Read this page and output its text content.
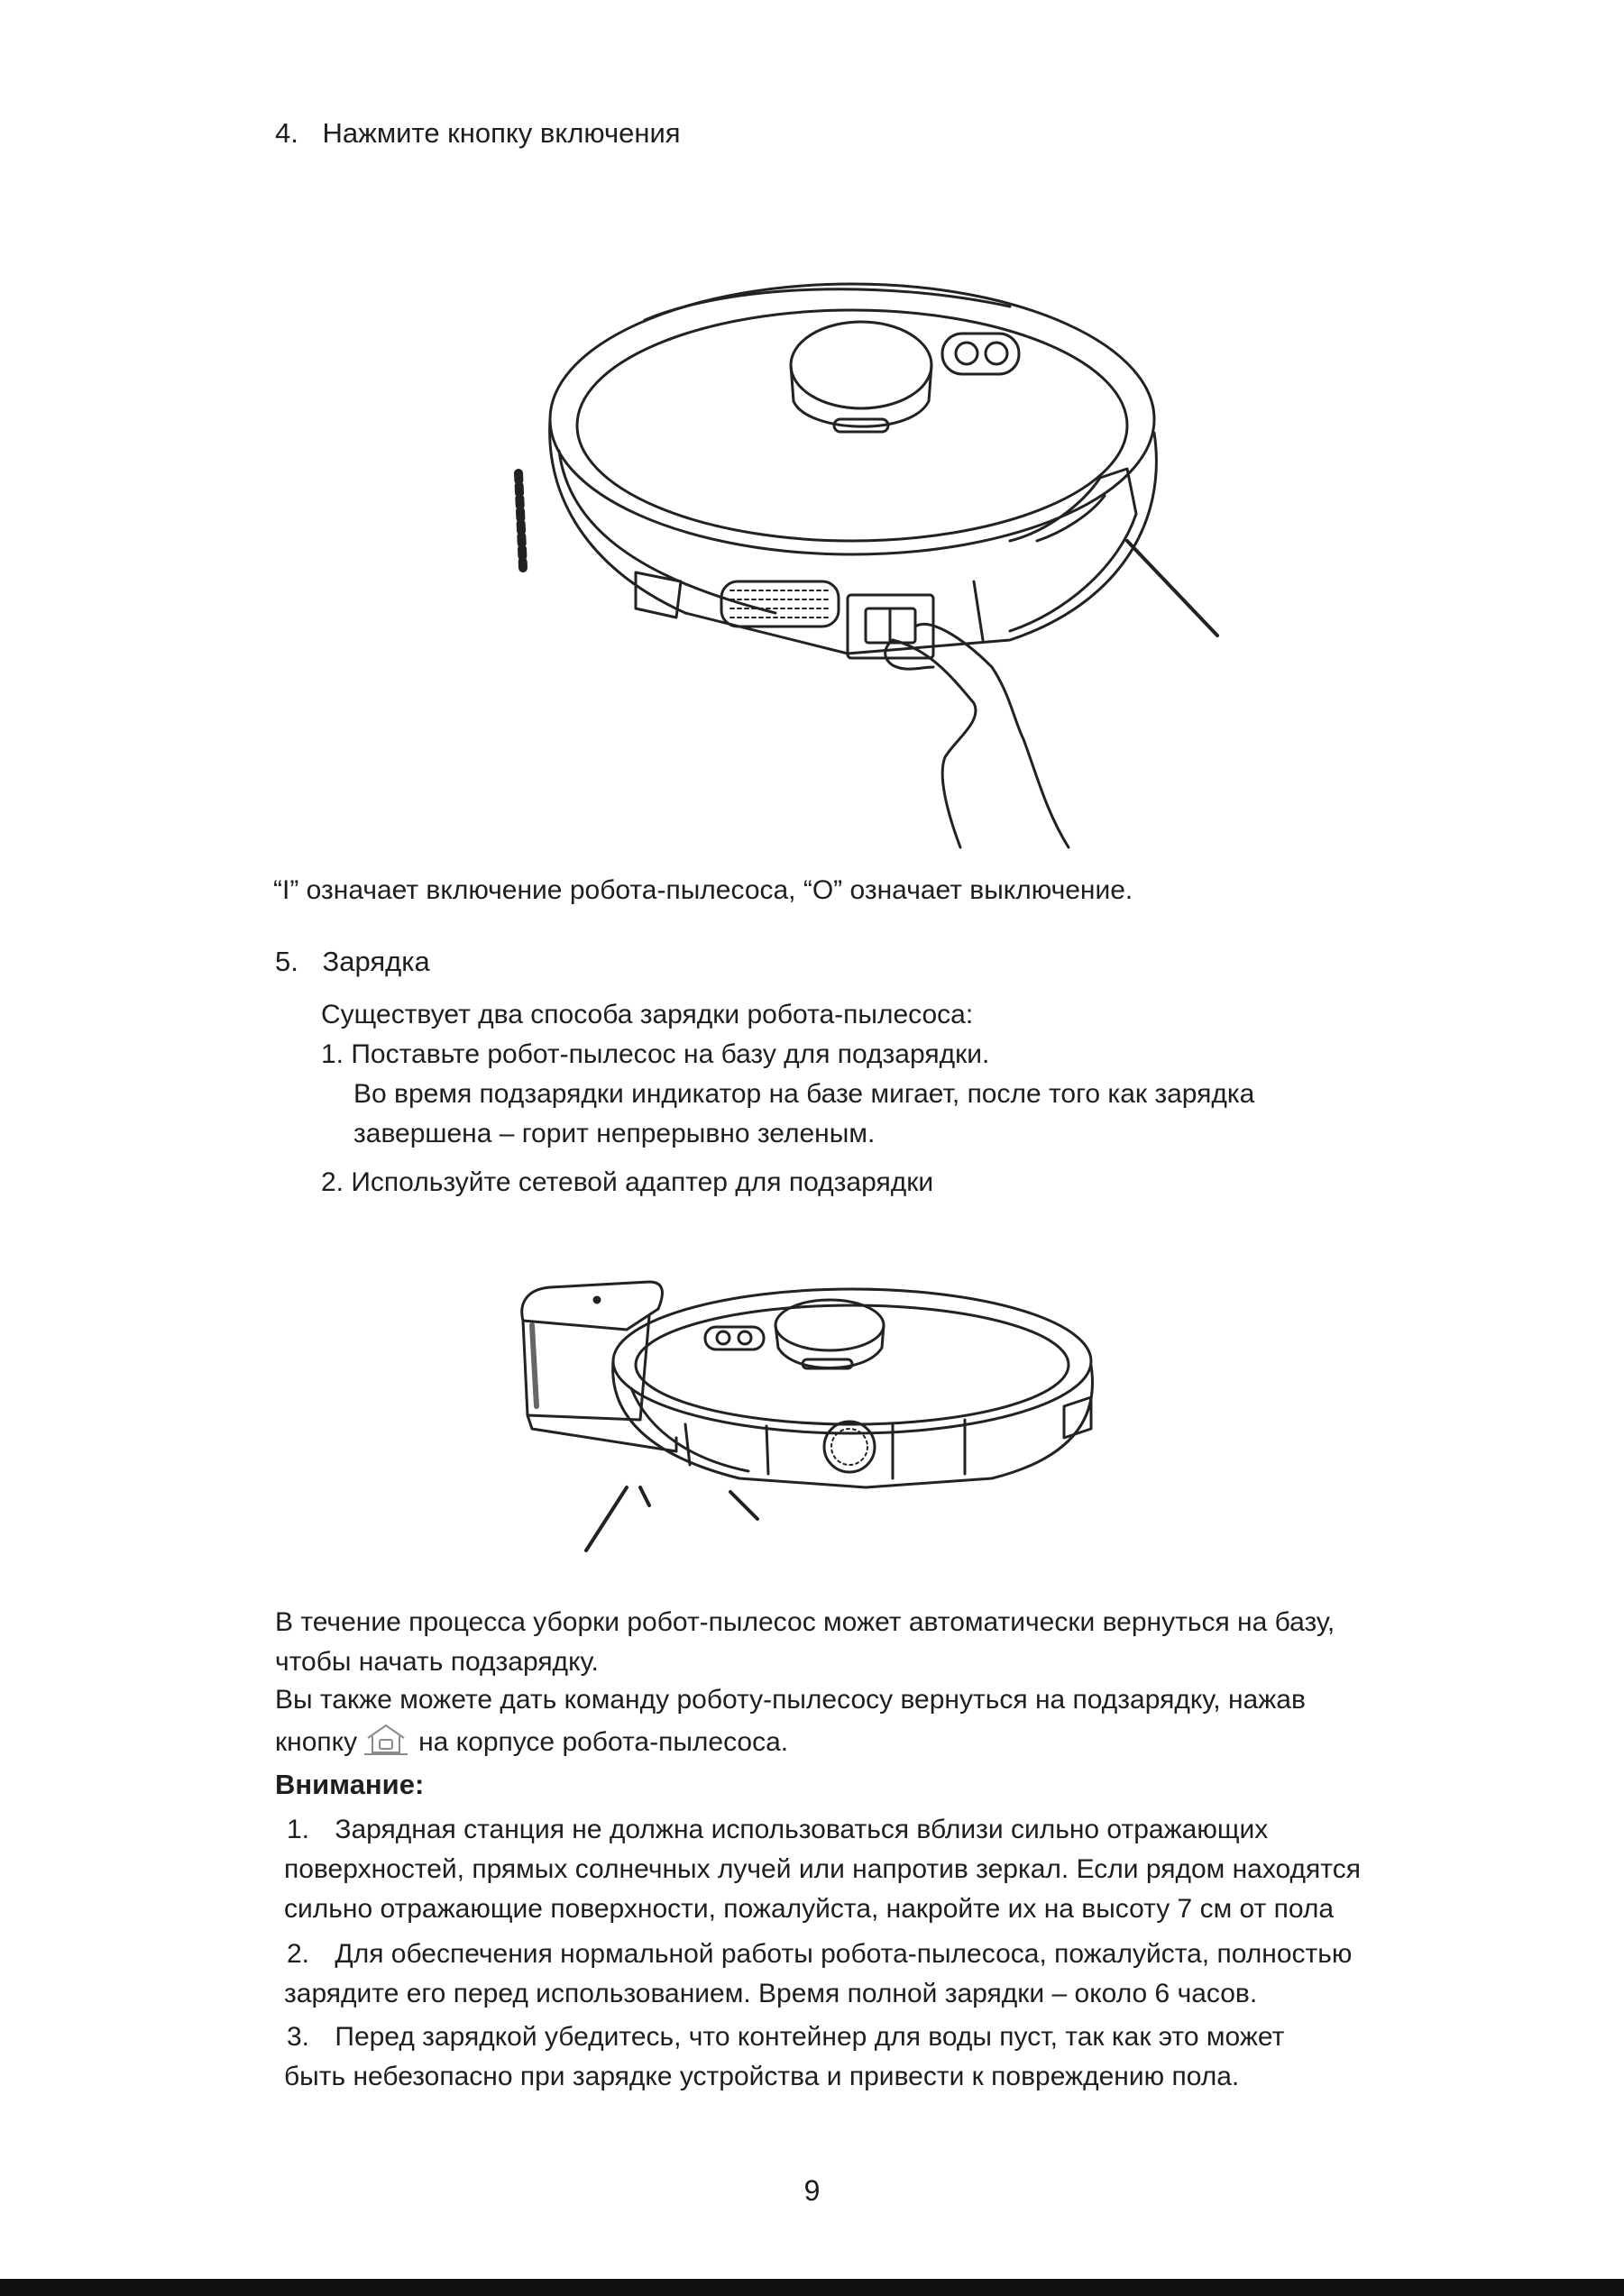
4. Нажмите кнопку включения
“I” означает включение робота-пылесоса, “O” означает выключение.
5. Зарядка
Существует два способа зарядки робота-пылесоса:
1. Поставьте робот-пылесос на базу для подзарядки.
Во время подзарядки индикатор на базе мигает, после того как зарядка
завершена – горит непрерывно зеленым.
2. Используйте сетевой адаптер для подзарядки
В течение процесса уборки робот-пылесос может автоматически вернуться на базу,
чтобы начать подзарядку.
Вы также можете дать команду роботу-пылесосу вернуться на подзарядку, нажав
кнопку на корпусе робота-пылесоса.
Внимание:
1. Зарядная станция не должна использоваться вблизи сильно отражающих
поверхностей, прямых солнечных лучей или напротив зеркал. Если рядом находятся
сильно отражающие поверхности, пожалуйста, накройте их на высоту 7 см от пола
2. Для обеспечения нормальной работы робота-пылесоса, пожалуйста, полностью
зарядите его перед использованием. Время полной зарядки – около 6 часов.
3. Перед зарядкой убедитесь, что контейнер для воды пуст, так как это может
быть небезопасно при зарядке устройства и привести к повреждению пола.
9
